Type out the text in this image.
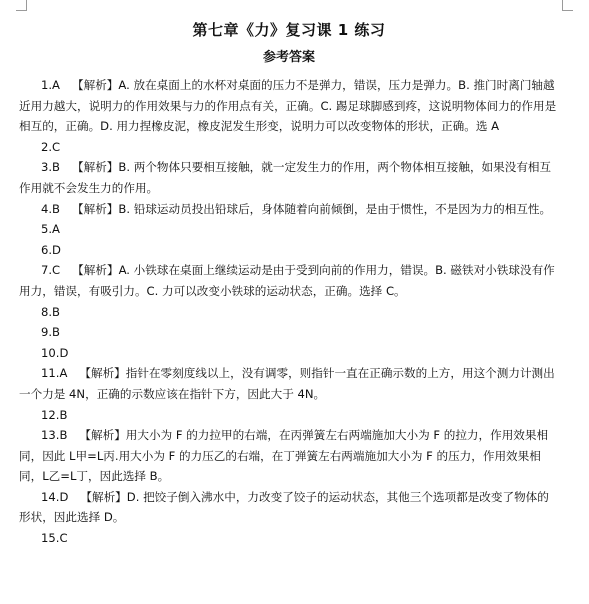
第七章《力》复习课 1 练习
参考答案

1.A 【解析】A. 放在桌面上的水杯对桌面的压力不是弹力，错误，压力是弹力。B. 推门时离门轴越近用力越大，说明力的作用效果与力的作用点有关，正确。C. 踢足球脚感到疼，这说明物体间力的作用是相互的，正确。D. 用力捏橡皮泥，橡皮泥发生形变，说明力可以改变物体的形状，正确。选 A

2.C

3.B 【解析】B. 两个物体只要相互接触，就一定发生力的作用，两个物体相互接触，如果没有相互作用就不会发生力的作用。

4.B 【解析】B. 铅球运动员投出铅球后，身体随着向前倾倒，是由于惯性，不是因为力的相互性。

5.A

6.D

7.C 【解析】A. 小铁球在桌面上继续运动是由于受到向前的作用力，错误。B. 磁铁对小铁球没有作用力，错误，有吸引力。C. 力可以改变小铁球的运动状态，正确。选择 C。

8.B

9.B

10.D

11.A 【解析】指针在零刻度线以上，没有调零，则指针一直在正确示数的上方，用这个测力计测出一个力是 4N，正确的示数应该在指针下方，因此大于 4N。

12.B

13.B 【解析】用大小为 F 的力拉甲的右端，在丙弹簧左右两端施加大小为 F 的拉力，作用效果相同，因此 L甲=L丙.用大小为 F 的力压乙的右端，在丁弹簧左右两端施加大小为 F 的压力，作用效果相同，L乙=L丁，因此选择 B。

14.D 【解析】D. 把饺子倒入沸水中，力改变了饺子的运动状态，其他三个选项都是改变了物体的形状，因此选择 D。

15.C
